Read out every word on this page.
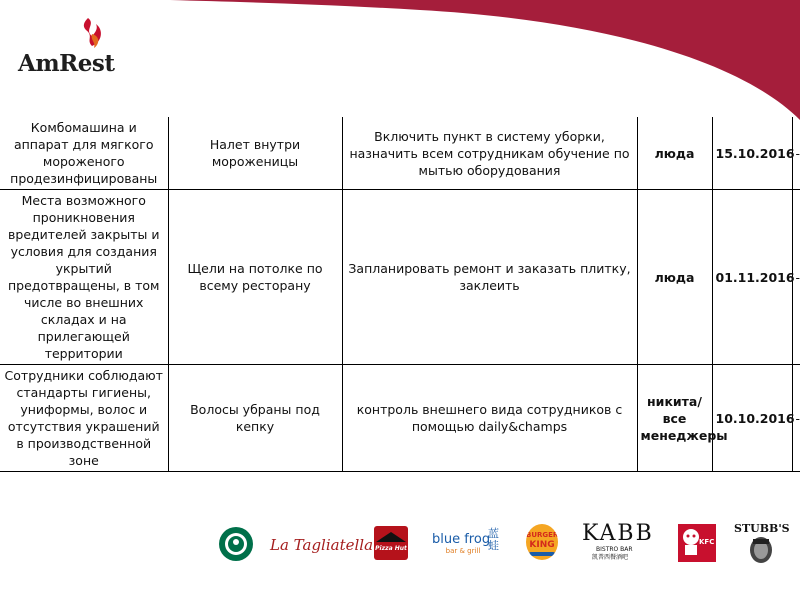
AmRest
Комбомашина и аппарат для мягкого мороженого продезинфицированы	Налет внутри мороженицы	Включить пункт в систему уборки, назначить всем сотрудникам обучение по мытью оборудования	люда	15.10.2016	-
Места возможного проникновения вредителей закрыты и условия для создания укрытий предотвращены, в том числе во внешних складах и на прилегающей территории	Щели на потолке по всему ресторану	Запланировать ремонт и заказать плитку, заклеить	люда	01.11.2016	-
Сотрудники соблюдают стандарты гигиены, униформы, волос и отсутствия украшений в производственной зоне	Волосы убраны под кепку	контроль внешнего вида сотрудников с помощью daily&champs	никита/все менеджеры	10.10.2016	-
La Tagliatella Pizza Hut
blue frog
bar & grill
蓝蛙
BURGER
KING KABB
BISTRO BAR
凯普西餐酒吧
KFC
STUBB'S
